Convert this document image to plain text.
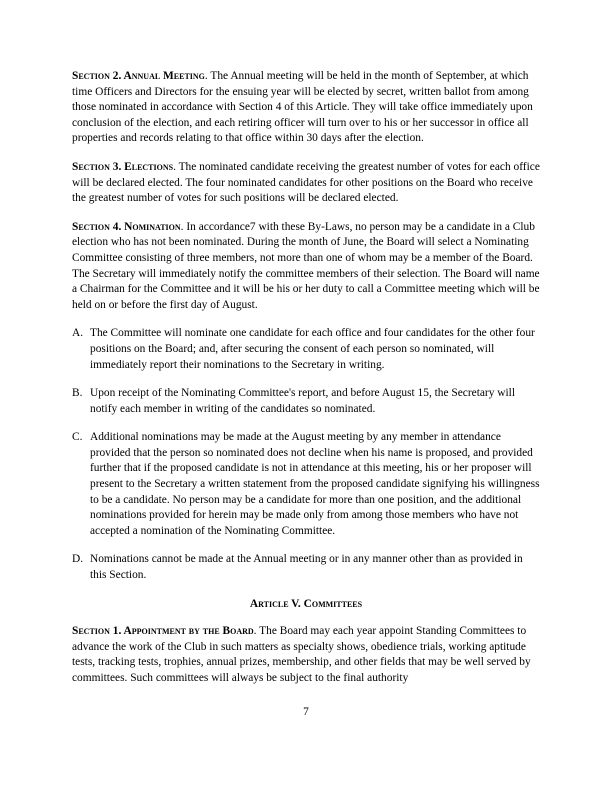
Section 2. Annual Meeting. The Annual meeting will be held in the month of September, at which time Officers and Directors for the ensuing year will be elected by secret, written ballot from among those nominated in accordance with Section 4 of this Article. They will take office immediately upon conclusion of the election, and each retiring officer will turn over to his or her successor in office all properties and records relating to that office within 30 days after the election.

Section 3. Elections. The nominated candidate receiving the greatest number of votes for each office will be declared elected. The four nominated candidates for other positions on the Board who receive the greatest number of votes for such positions will be declared elected.

Section 4. Nomination. In accordance7 with these By-Laws, no person may be a candidate in a Club election who has not been nominated. During the month of June, the Board will select a Nominating Committee consisting of three members, not more than one of whom may be a member of the Board. The Secretary will immediately notify the committee members of their selection. The Board will name a Chairman for the Committee and it will be his or her duty to call a Committee meeting which will be held on or before the first day of August.

A. The Committee will nominate one candidate for each office and four candidates for the other four positions on the Board; and, after securing the consent of each person so nominated, will immediately report their nominations to the Secretary in writing.
B. Upon receipt of the Nominating Committee's report, and before August 15, the Secretary will notify each member in writing of the candidates so nominated.
C. Additional nominations may be made at the August meeting by any member in attendance provided that the person so nominated does not decline when his name is proposed, and provided further that if the proposed candidate is not in attendance at this meeting, his or her proposer will present to the Secretary a written statement from the proposed candidate signifying his willingness to be a candidate. No person may be a candidate for more than one position, and the additional nominations provided for herein may be made only from among those members who have not accepted a nomination of the Nominating Committee.
D. Nominations cannot be made at the Annual meeting or in any manner other than as provided in this Section.
Article V. Committees

Section 1. Appointment by the Board. The Board may each year appoint Standing Committees to advance the work of the Club in such matters as specialty shows, obedience trials, working aptitude tests, tracking tests, trophies, annual prizes, membership, and other fields that may be well served by committees. Such committees will always be subject to the final authority

7
